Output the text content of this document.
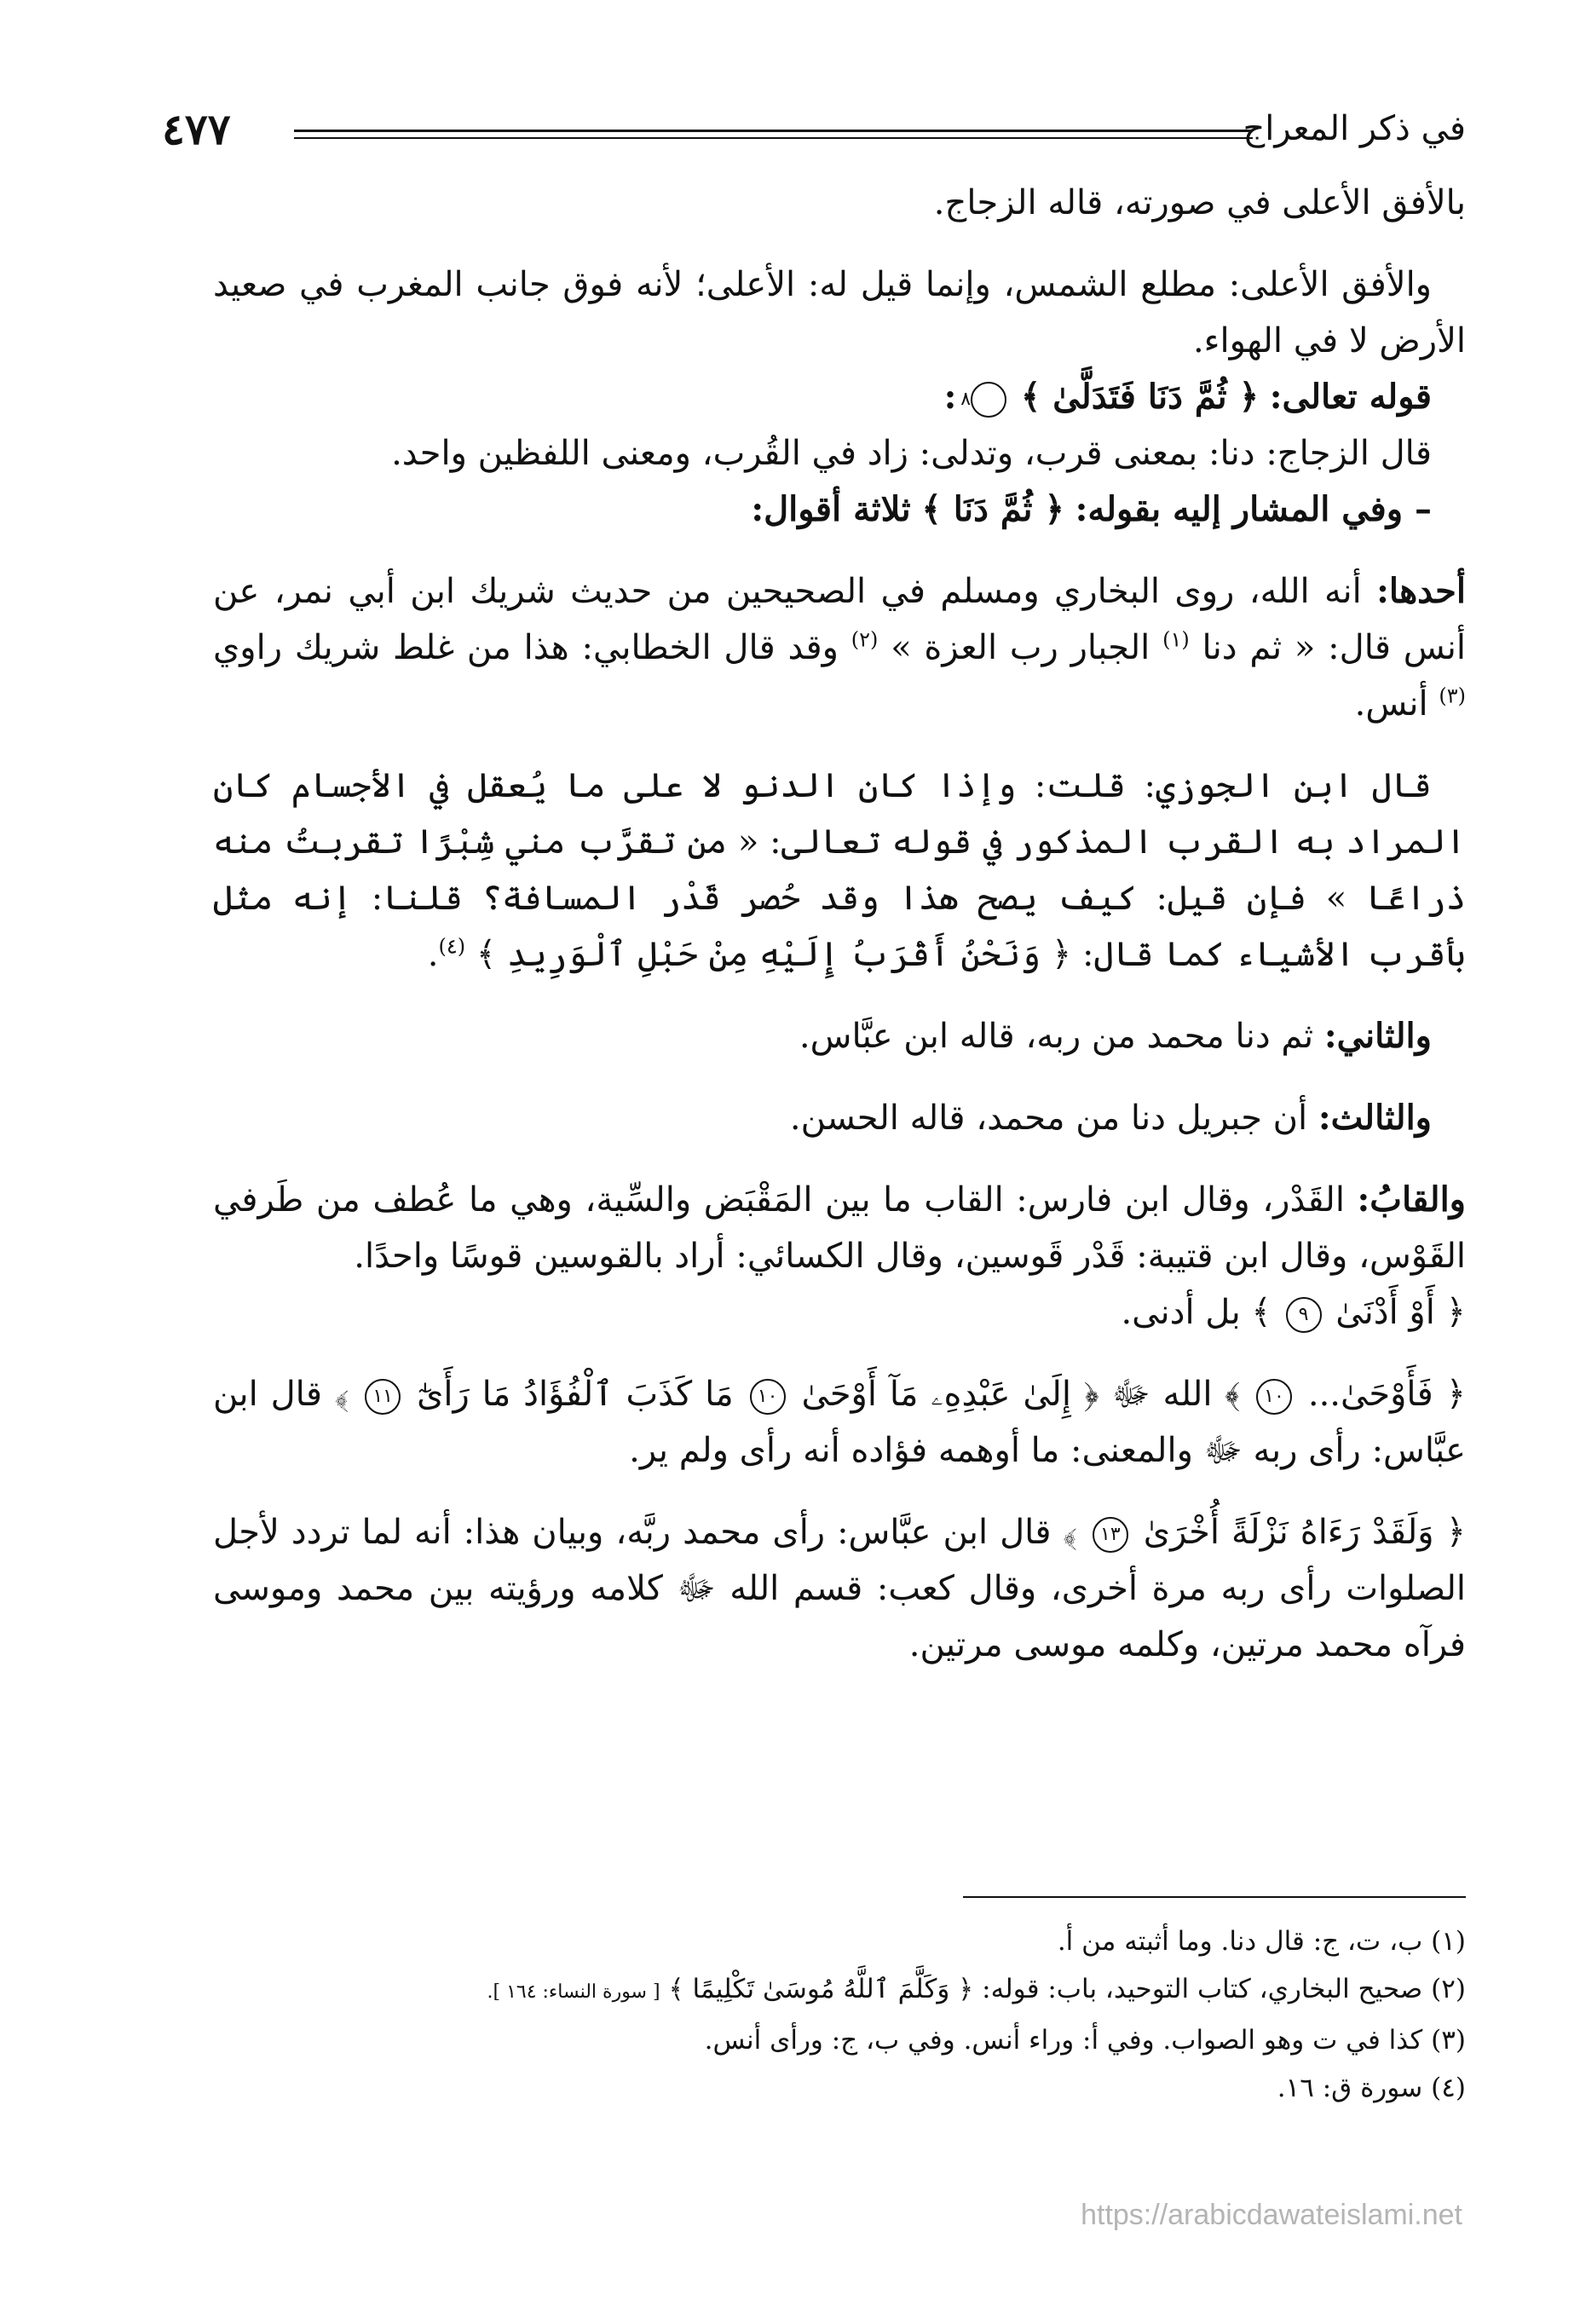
في ذكر المعراج
٤٧٧

بالأفق الأعلى في صورته، قاله الزجاج.

والأفق الأعلى: مطلع الشمس، وإنما قيل له: الأعلى؛ لأنه فوق جانب المغرب في صعيد الأرض لا في الهواء.

قوله تعالى: ﴿ ثُمَّ دَنَا فَتَدَلَّىٰ ﴾ ٨ :

قال الزجاج: دنا: بمعنى قرب، وتدلى: زاد في القُرب، ومعنى اللفظين واحد.

– وفي المشار إليه بقوله: ﴿ ثُمَّ دَنَا ﴾ ثلاثة أقوال:

أحدها: أنه الله، روى البخاري ومسلم في الصحيحين من حديث شريك ابن أبي نمر، عن أنس قال: « ثم دنا $^{(١)}$ الجبار رب العزة » $^{(٢)}$ وقد قال الخطابي: هذا من غلط شريك راوي $^{(٣)}$ أنس.

قال ابن الجوزي: قلت: وإذا كان الدنو لا على ما يُعقل في الأجسام كان المراد به القرب المذكور في قوله تعالى: « من تقرَّب مني شِبْرًا تقربتُ منه ذراعًا » فإن قيل: كيف يصح هذا وقد حُصر قَدْر المسافة؟ قلنا: إنه مثل بأقرب الأشياء كما قال: ﴿ وَنَحْنُ أَقْرَبُ إِلَيْهِ مِنْ حَبْلِ ٱلْوَرِيدِ ﴾ $^{(٤)}$.

والثاني: ثم دنا محمد من ربه، قاله ابن عبَّاس.

والثالث: أن جبريل دنا من محمد، قاله الحسن.

والقابُ: القَدْر، وقال ابن فارس: القاب ما بين المَقْبَض والسِّية، وهي ما عُطف من طَرفي القَوْس، وقال ابن قتيبة: قَدْر قَوسين، وقال الكسائي: أراد بالقوسين قوسًا واحدًا.

﴿ أَوْ أَدْنَىٰ ٩ ﴾ بل أدنى.

﴿ فَأَوْحَىٰ... ١٠ ﴾ الله ﷻ ﴿ إِلَىٰ عَبْدِهِۦ مَآ أَوْحَىٰ ١٠ مَا كَذَبَ ٱلْفُؤَادُ مَا رَأَىٰٓ ١١ ﴾ قال ابن عبَّاس: رأى ربه ﷻ والمعنى: ما أوهمه فؤاده أنه رأى ولم ير.

﴿ وَلَقَدْ رَءَاهُ نَزْلَةً أُخْرَىٰ ١٣ ﴾ قال ابن عبَّاس: رأى محمد ربَّه، وبيان هذا: أنه لما تردد لأجل الصلوات رأى ربه مرة أخرى، وقال كعب: قسم الله ﷻ كلامه ورؤيته بين محمد وموسى فرآه محمد مرتين، وكلمه موسى مرتين.

(١) ب، ت، ج: قال دنا. وما أثبته من أ.

(٢) صحيح البخاري، كتاب التوحيد، باب: قوله: ﴿ وَكَلَّمَ ٱللَّهُ مُوسَىٰ تَكْلِيمًا ﴾ [ سورة النساء: ١٦٤ ].

(٣) كذا في ت وهو الصواب. وفي أ: وراء أنس. وفي ب، ج: ورأى أنس.

(٤) سورة ق: ١٦.

https://arabicdawateislami.net
